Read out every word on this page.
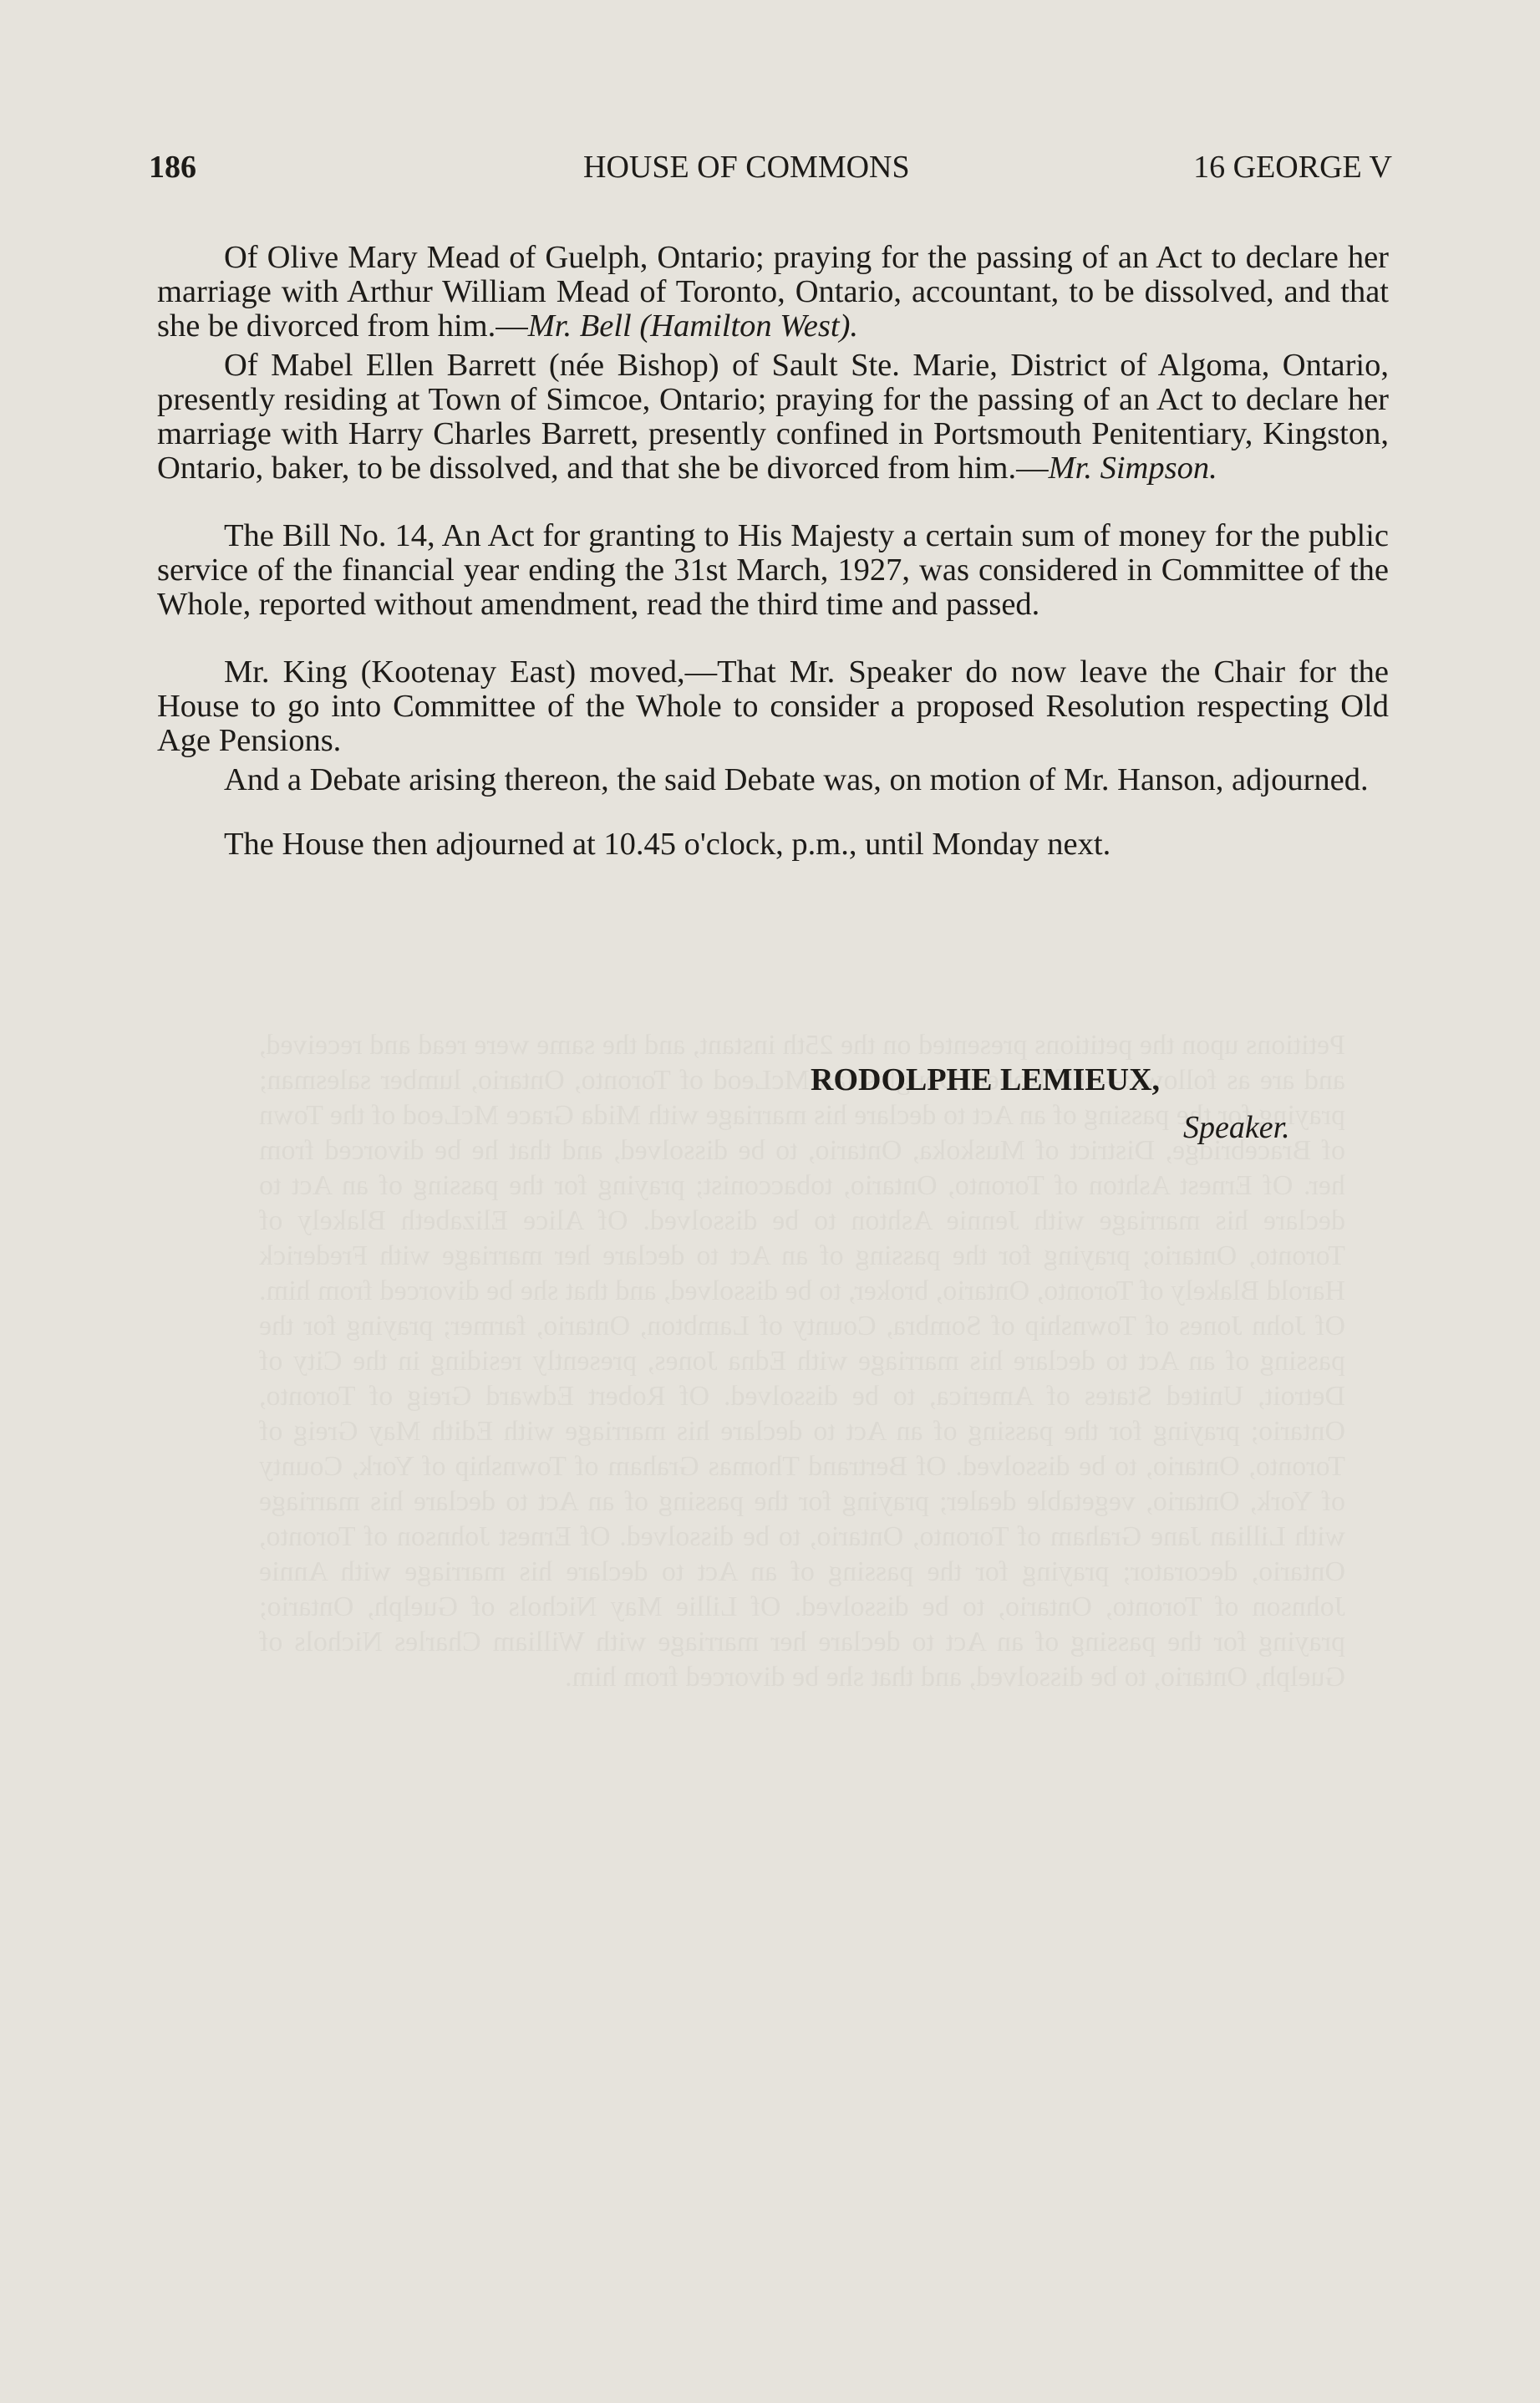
186	HOUSE OF COMMONS	16 GEORGE V

Of Olive Mary Mead of Guelph, Ontario; praying for the passing of an Act to declare her marriage with Arthur William Mead of Toronto, Ontario, accountant, to be dissolved, and that she be divorced from him.—Mr. Bell (Hamilton West).

Of Mabel Ellen Barrett (née Bishop) of Sault Ste. Marie, District of Algoma, Ontario, presently residing at Town of Simcoe, Ontario; praying for the passing of an Act to declare her marriage with Harry Charles Barrett, presently confined in Portsmouth Penitentiary, Kingston, Ontario, baker, to be dissolved, and that she be divorced from him.—Mr. Simpson.

The Bill No. 14, An Act for granting to His Majesty a certain sum of money for the public service of the financial year ending the 31st March, 1927, was considered in Committee of the Whole, reported without amendment, read the third time and passed.

Mr. King (Kootenay East) moved,—That Mr. Speaker do now leave the Chair for the House to go into Committee of the Whole to consider a proposed Resolution respecting Old Age Pensions.

And a Debate arising thereon, the said Debate was, on motion of Mr. Hanson, adjourned.

The House then adjourned at 10.45 o'clock, p.m., until Monday next.

RODOLPHE LEMIEUX,
Speaker.
